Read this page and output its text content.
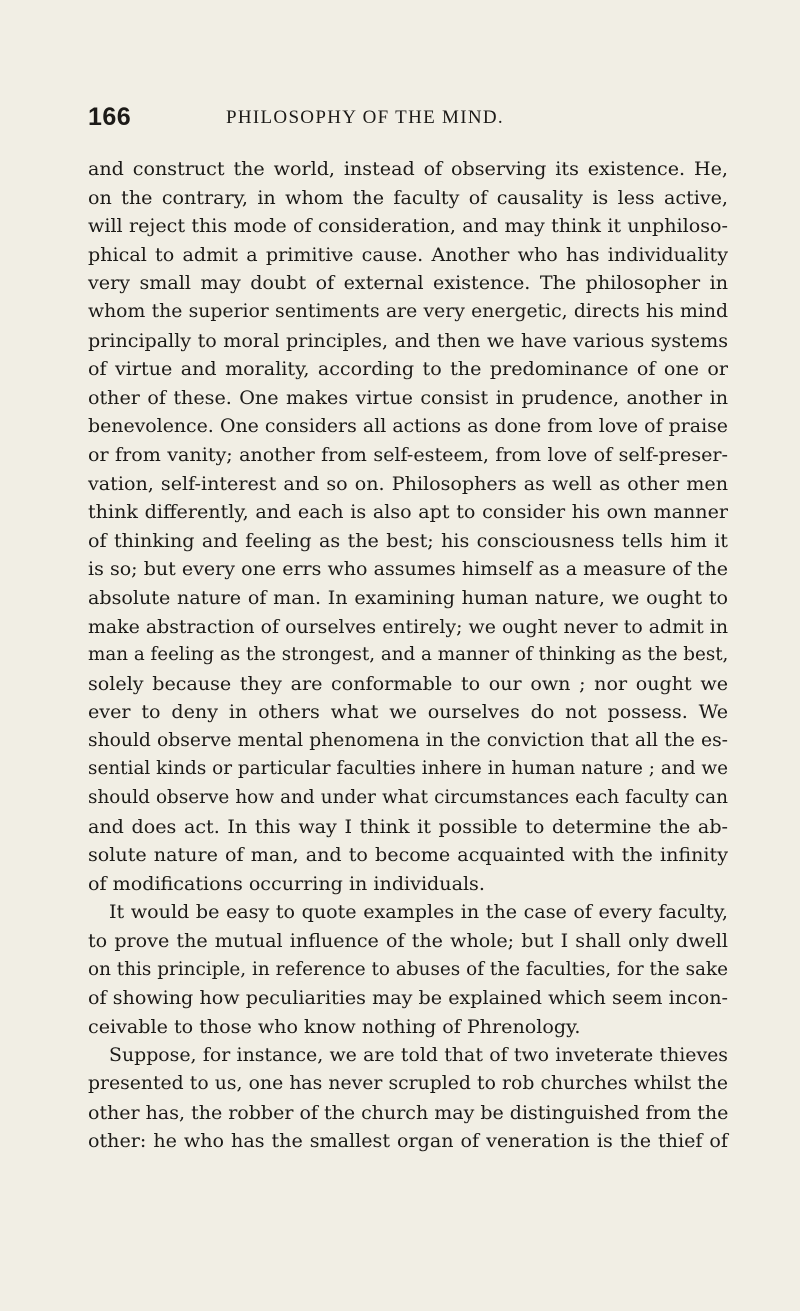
166	PHILOSOPHY OF THE MIND.
and construct the world, instead of observing its existence. He,
on the contrary, in whom the faculty of causality is less active,
will reject this mode of consideration, and may think it unphiloso-
phical to admit a primitive cause. Another who has individuality
very small may doubt of external existence. The philosopher in
whom the superior sentiments are very energetic, directs his mind
principally to moral principles, and then we have various systems
of virtue and morality, according to the predominance of one or
other of these. One makes virtue consist in prudence, another in
benevolence. One considers all actions as done from love of praise
or from vanity; another from self-esteem, from love of self-preser-
vation, self-interest and so on. Philosophers as well as other men
think differently, and each is also apt to consider his own manner
of thinking and feeling as the best; his consciousness tells him it
is so; but every one errs who assumes himself as a measure of the
absolute nature of man. In examining human nature, we ought to
make abstraction of ourselves entirely; we ought never to admit in
man a feeling as the strongest, and a manner of thinking as the best,
solely because they are conformable to our own ; nor ought we
ever to deny in others what we ourselves do not possess. We
should observe mental phenomena in the conviction that all the es-
sential kinds or particular faculties inhere in human nature ; and we
should observe how and under what circumstances each faculty can
and does act. In this way I think it possible to determine the ab-
solute nature of man, and to become acquainted with the infinity
of modifications occurring in individuals.
It would be easy to quote examples in the case of every faculty,
to prove the mutual influence of the whole; but I shall only dwell
on this principle, in reference to abuses of the faculties, for the sake
of showing how peculiarities may be explained which seem incon-
ceivable to those who know nothing of Phrenology.
Suppose, for instance, we are told that of two inveterate thieves
presented to us, one has never scrupled to rob churches whilst the
other has, the robber of the church may be distinguished from the
other: he who has the smallest organ of veneration is the thief of
